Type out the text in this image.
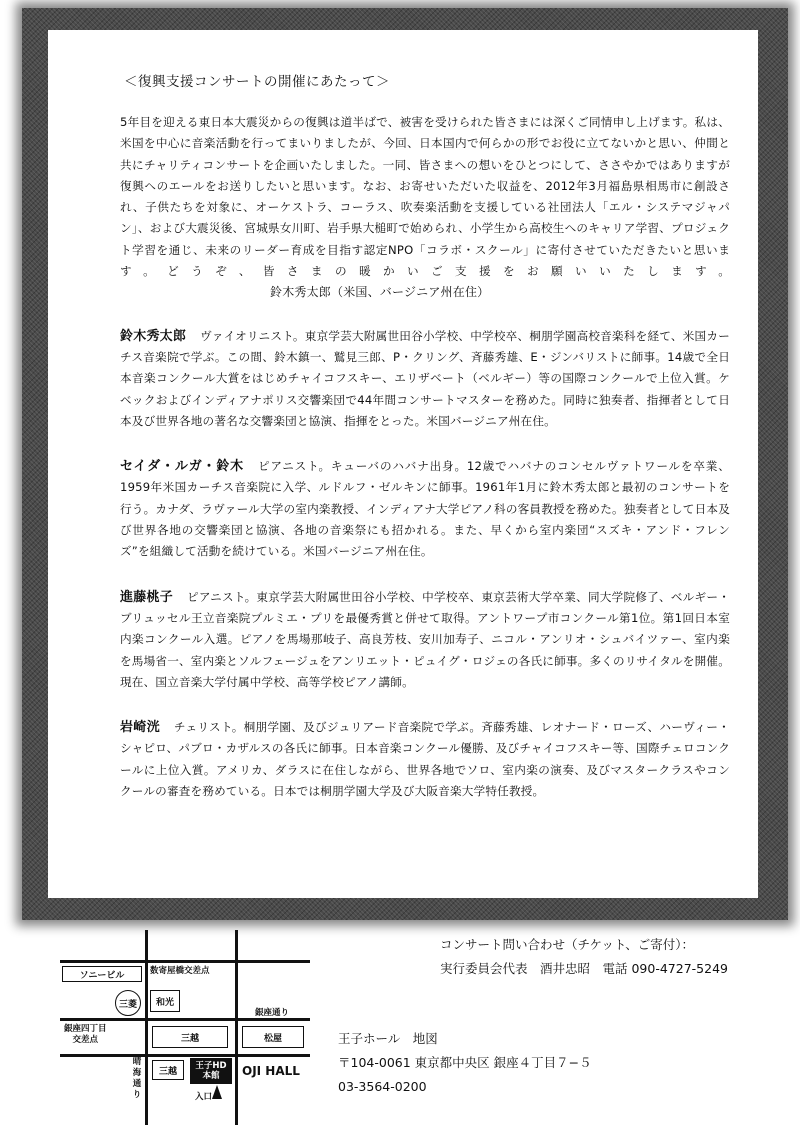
＜復興支援コンサートの開催にあたって＞

5年目を迎える東日本大震災からの復興は道半ばで、被害を受けられた皆さまには深くご同情申し上げます。私は、米国を中心に音楽活動を行ってまいりましたが、今回、日本国内で何らかの形でお役に立てないかと思い、仲間と共にチャリティコンサートを企画いたしました。一同、皆さまへの想いをひとつにして、ささやかではありますが復興へのエールをお送りしたいと思います。なお、お寄せいただいた収益を、2012年3月福島県相馬市に創設され、子供たちを対象に、オーケストラ、コーラス、吹奏楽活動を支援している社団法人「エル・システマジャパン」、および大震災後、宮城県女川町、岩手県大槌町で始められ、小学生から高校生へのキャリア学習、プロジェクト学習を通じ、未来のリーダー育成を目指す認定NPO「コラボ・スクール」に寄付させていただきたいと思います。どうぞ、皆さまの暖かいご支援をお願いいたします。鈴木秀太郎（米国、バージニア州在住）

鈴木秀太郎 ヴァイオリニスト。東京学芸大附属世田谷小学校、中学校卒、桐朋学園高校音楽科を経て、米国カーチス音楽院で学ぶ。この間、鈴木鎮一、鷲見三郎、P・クリング、斉藤秀雄、E・ジンバリストに師事。14歳で全日本音楽コンクール大賞をはじめチャイコフスキー、エリザベート（ベルギー）等の国際コンクールで上位入賞。ケベックおよびインディアナポリス交響楽団で44年間コンサートマスターを務めた。同時に独奏者、指揮者として日本及び世界各地の著名な交響楽団と協演、指揮をとった。米国バージニア州在住。

セイダ・ルガ・鈴木 ピアニスト。キューバのハバナ出身。12歳でハバナのコンセルヴァトワールを卒業、1959年米国カーチス音楽院に入学、ルドルフ・ゼルキンに師事。1961年1月に鈴木秀太郎と最初のコンサートを行う。カナダ、ラヴァール大学の室内楽教授、インディアナ大学ピアノ科の客員教授を務めた。独奏者として日本及び世界各地の交響楽団と協演、各地の音楽祭にも招かれる。また、早くから室内楽団“スズキ・アンド・フレンズ”を組織して活動を続けている。米国バージニア州在住。

進藤桃子 ピアニスト。東京学芸大附属世田谷小学校、中学校卒、東京芸術大学卒業、同大学院修了、ベルギー・ブリュッセル王立音楽院プルミエ・プリを最優秀賞と併せて取得。アントワープ市コンクール第1位。第1回日本室内楽コンクール入選。ピアノを馬場那岐子、高良芳枝、安川加寿子、ニコル・アンリオ・シュバイツァー、室内楽を馬場省一、室内楽とソルフェージュをアンリエット・ピュイグ・ロジェの各氏に師事。多くのリサイタルを開催。現在、国立音楽大学付属中学校、高等学校ピアノ講師。

岩崎洸 チェリスト。桐朋学園、及びジュリアード音楽院で学ぶ。斉藤秀雄、レオナード・ローズ、ハーヴィー・シャピロ、パブロ・カザルスの各氏に師事。日本音楽コンクール優勝、及びチャイコフスキー等、国際チェロコンクールに上位入賞。アメリカ、ダラスに在住しながら、世界各地でソロ、室内楽の演奏、及びマスタークラスやコンクールの審査を務めている。日本では桐朋学園大学及び大阪音楽大学特任教授。

ソニービル	数寄屋橋交差点
三菱	和光
銀座通り
銀座四丁目
交差点	三越	松屋
晴海通り
三越
王子HD
本館 OJI HALL
入口
コンサート問い合わせ（チケット、ご寄付）：
実行委員会代表　酒井忠昭　電話 090-4727-5249
王子ホール　地図
〒104-0061 東京都中央区 銀座４丁目７−５
03-3564-0200
